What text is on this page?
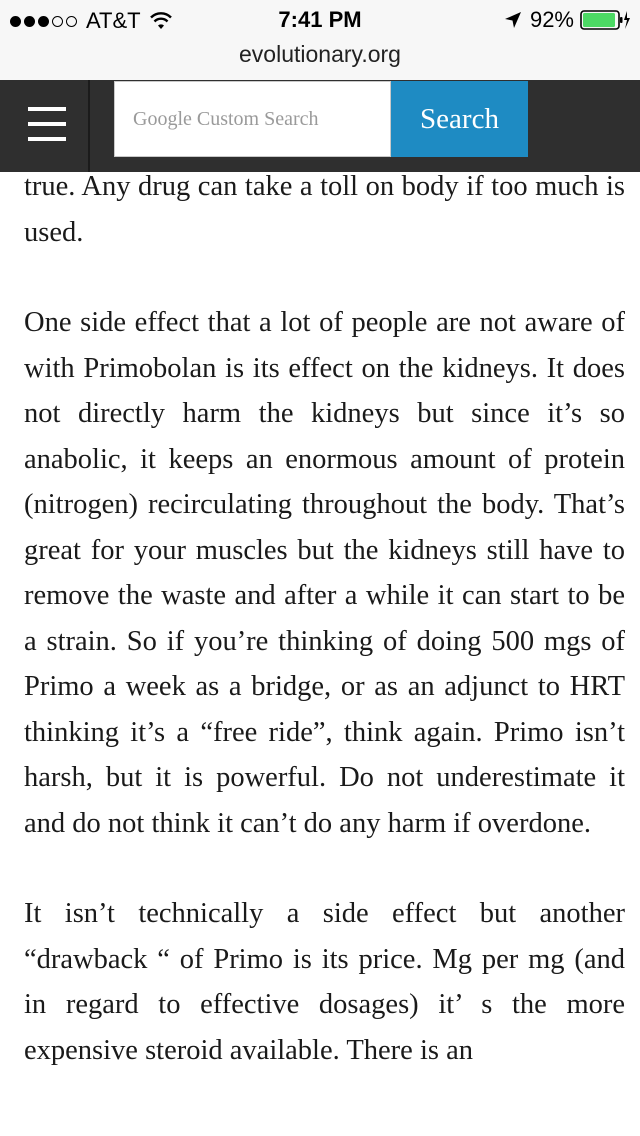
AT&T	7:41 PM	92%
evolutionary.org
Google Custom Search
Search

true. Any drug can take a toll on body if too much is used.

One side effect that a lot of people are not aware of with Primobolan is its effect on the kidneys. It does not directly harm the kidneys but since it’s so anabolic, it keeps an enormous amount of protein (nitrogen) recirculating throughout the body. That’s great for your muscles but the kidneys still have to remove the waste and after a while it can start to be a strain. So if you’re thinking of doing 500 mgs of Primo a week as a bridge, or as an adjunct to HRT thinking it’s a “free ride”, think again. Primo isn’t harsh, but it is powerful. Do not underestimate it and do not think it can’t do any harm if overdone.

It isn’t technically a side effect but another “drawback “ of Primo is its price. Mg per mg (and in regard to effective dosages) it’ s the more expensive steroid available. There is an
